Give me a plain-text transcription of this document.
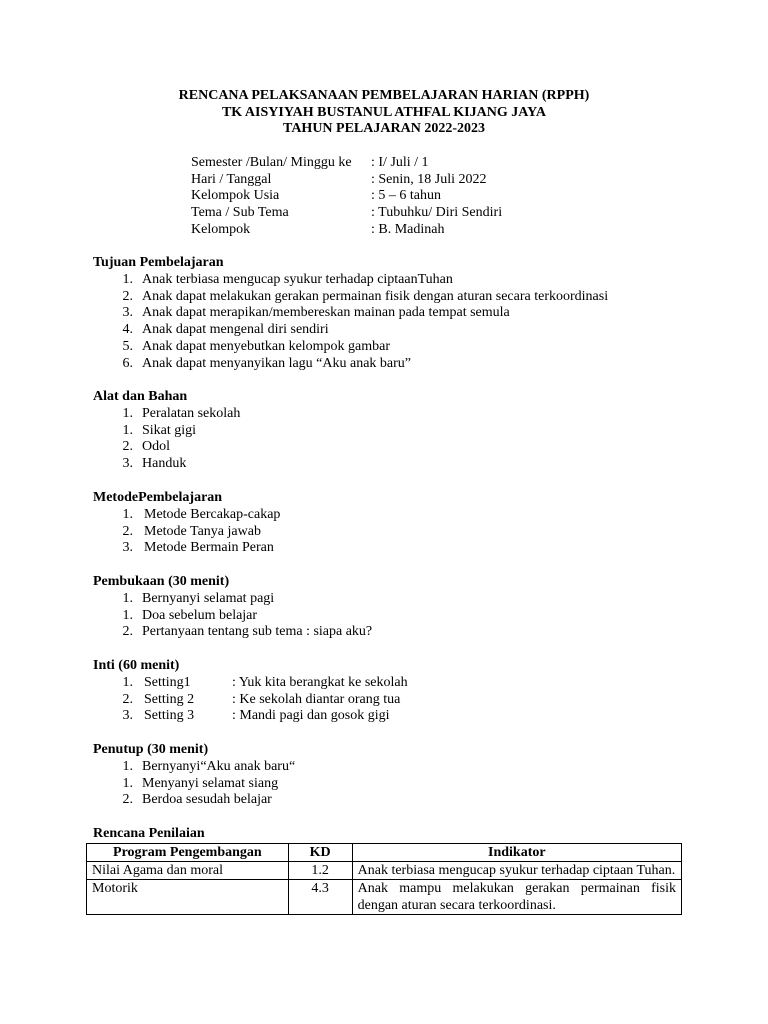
RENCANA PELAKSANAAN PEMBELAJARAN HARIAN (RPPH)
TK AISYIYAH BUSTANUL ATHFAL KIJANG JAYA
TAHUN PELAJARAN 2022-2023
Semester /Bulan/ Minggu ke : I/ Juli / 1
Hari / Tanggal	: Senin, 18 Juli 2022
Kelompok Usia	: 5 – 6 tahun
Tema / Sub Tema	: Tubuhku/ Diri Sendiri
Kelompok	: B. Madinah
Tujuan Pembelajaran
1. Anak terbiasa mengucap syukur terhadap ciptaanTuhan
2. Anak dapat melakukan gerakan permainan fisik dengan aturan secara terkoordinasi
3. Anak dapat merapikan/membereskan mainan pada tempat semula
4. Anak dapat mengenal diri sendiri
5. Anak dapat menyebutkan kelompok gambar
6. Anak dapat menyanyikan lagu “Aku anak baru”
Alat dan Bahan
1. Peralatan sekolah
1. Sikat gigi
2. Odol
3. Handuk
MetodePembelajaran
1. Metode Bercakap-cakap
2. Metode Tanya jawab
3. Metode Bermain Peran
Pembukaan (30 menit)
1. Bernyanyi selamat pagi
1. Doa sebelum belajar
2. Pertanyaan tentang sub tema : siapa aku?
Inti (60 menit)
1. Setting1	: Yuk kita berangkat ke sekolah
2. Setting 2	: Ke sekolah diantar orang tua
3. Setting 3	: Mandi pagi dan gosok gigi
Penutup (30 menit)
1. Bernyanyi“Aku anak baru“
1. Menyanyi selamat siang
2. Berdoa sesudah belajar
Rencana Penilaian
Program Pengembangan	KD	Indikator
Nilai Agama dan moral	1.2	Anak terbiasa mengucap syukur terhadap ciptaan Tuhan.
Motorik	4.3	Anak mampu melakukan gerakan permainan fisik dengan aturan secara terkoordinasi.
